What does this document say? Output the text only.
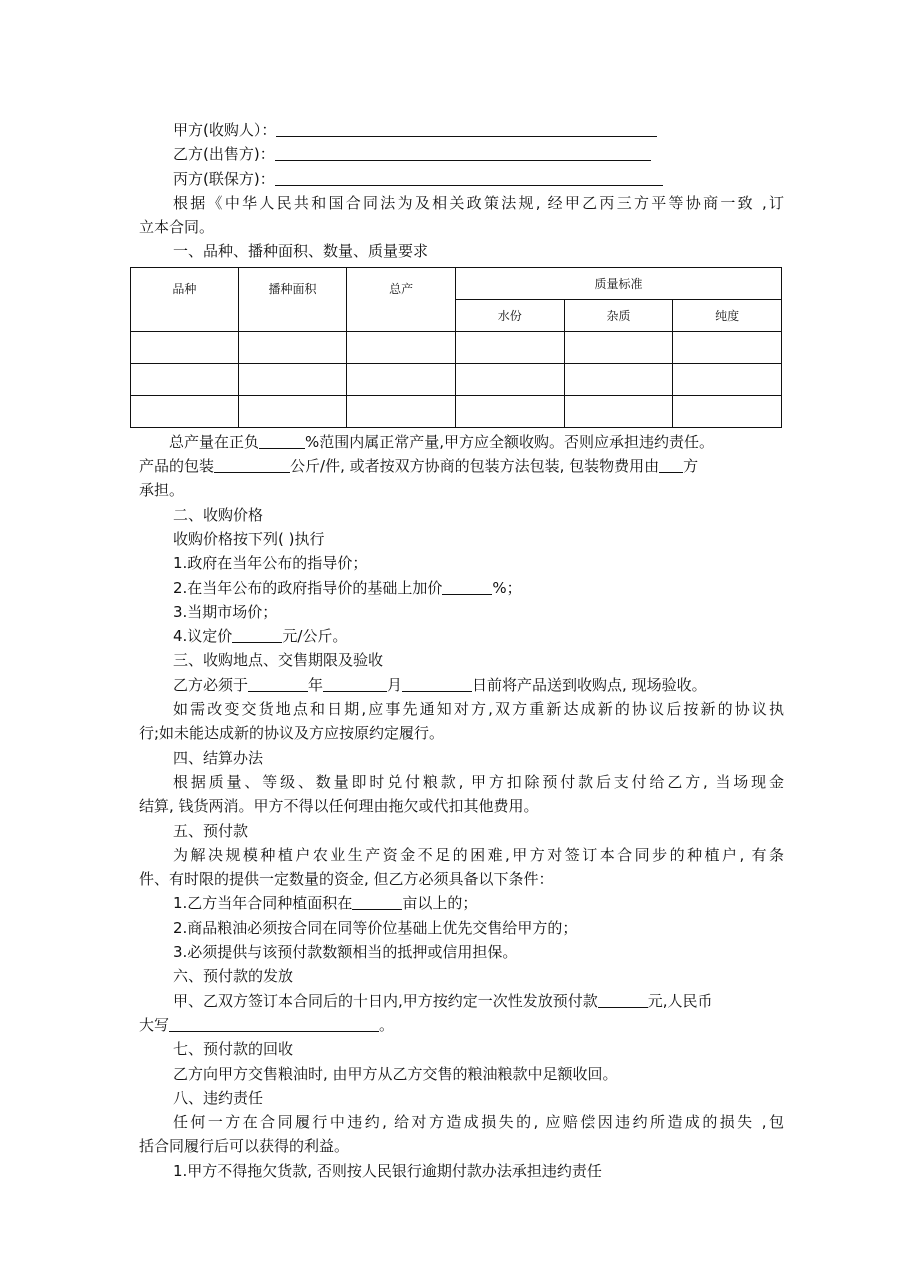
甲方(收购人）：
乙方(出售方)：
丙方(联保方)：
根据《中华人民共和国合同法为及相关政策法规, 经甲乙丙三方平等协商一致 ,订
立本合同。
一、品种、播种面积、数量、质量要求
品种	播种面积	总产	质量标准		
			水份	杂质	纯度

总产量在正负	%范围内属正常产量,甲方应全额收购。否则应承担违约责任。
产品的包装	公斤/件, 或者按双方协商的包装方法包装, 包装物费用由 方
承担。
二、收购价格
收购价格按下列( )执行
1.政府在当年公布的指导价；
2.在当年公布的政府指导价的基础上加价	%；
3.当期市场价；
4.议定价	元/公斤。
三、收购地点、交售期限及验收
乙方必须于	年	月	日前将产品送到收购点, 现场验收。
如需改变交货地点和日期,应事先通知对方,双方重新达成新的协议后按新的协议执
行;如未能达成新的协议及方应按原约定履行。
四、结算办法
根据质量、等级、数量即时兑付粮款, 甲方扣除预付款后支付给乙方, 当场现金
结算, 钱货两消。甲方不得以任何理由拖欠或代扣其他费用。
五、预付款
为解决规模种植户农业生产资金不足的困难,甲方对签订本合同步的种植户, 有条
件、有时限的提供一定数量的资金, 但乙方必须具备以下条件：
1.乙方当年合同种植面积在	亩以上的；
2.商品粮油必须按合同在同等价位基础上优先交售给甲方的；
3.必须提供与该预付款数额相当的抵押或信用担保。
六、预付款的发放
甲、乙双方签订本合同后的十日内,甲方按约定一次性发放预付款	元,人民币
大写	。
七、预付款的回收
乙方向甲方交售粮油时, 由甲方从乙方交售的粮油粮款中足额收回。
八、违约责任
任何一方在合同履行中违约, 给对方造成损失的, 应赔偿因违约所造成的损失 ,包
括合同履行后可以获得的利益。
1.甲方不得拖欠货款, 否则按人民银行逾期付款办法承担违约责任
